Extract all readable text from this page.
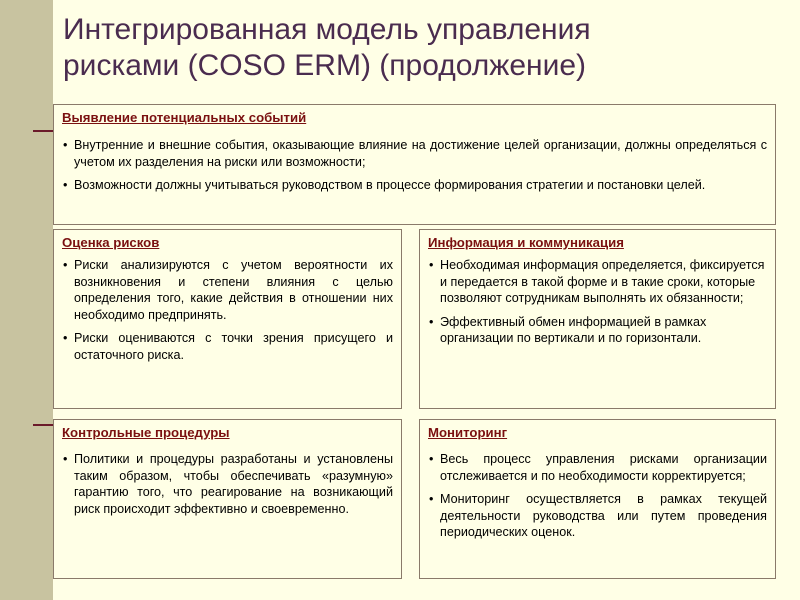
Интегрированная модель управления
рисками (COSO ERM) (продолжение)
Выявление потенциальных событий
• Внутренние и внешние события, оказывающие влияние на достижение целей организации, должны определяться с учетом их разделения на риски или возможности;
• Возможности должны учитываться руководством в процессе формирования стратегии и постановки целей.
Оценка рисков
• Риски анализируются с учетом вероятности их возникновения и степени влияния с целью определения того, какие действия в отношении них необходимо предпринять.
• Риски оцениваются с точки зрения присущего и остаточного риска.
Информация и коммуникация
• Необходимая информация определяется, фиксируется и передается в такой форме и в такие сроки, которые позволяют сотрудникам выполнять их обязанности;
• Эффективный обмен информацией в рамках организации по вертикали и по горизонтали.
Контрольные процедуры
• Политики и процедуры разработаны и установлены таким образом, чтобы обеспечивать «разумную» гарантию того, что реагирование на возникающий риск происходит эффективно и своевременно.
Мониторинг
• Весь процесс управления рисками организации отслеживается и по необходимости корректируется;
• Мониторинг осуществляется в рамках текущей деятельности руководства или путем проведения периодических оценок.
